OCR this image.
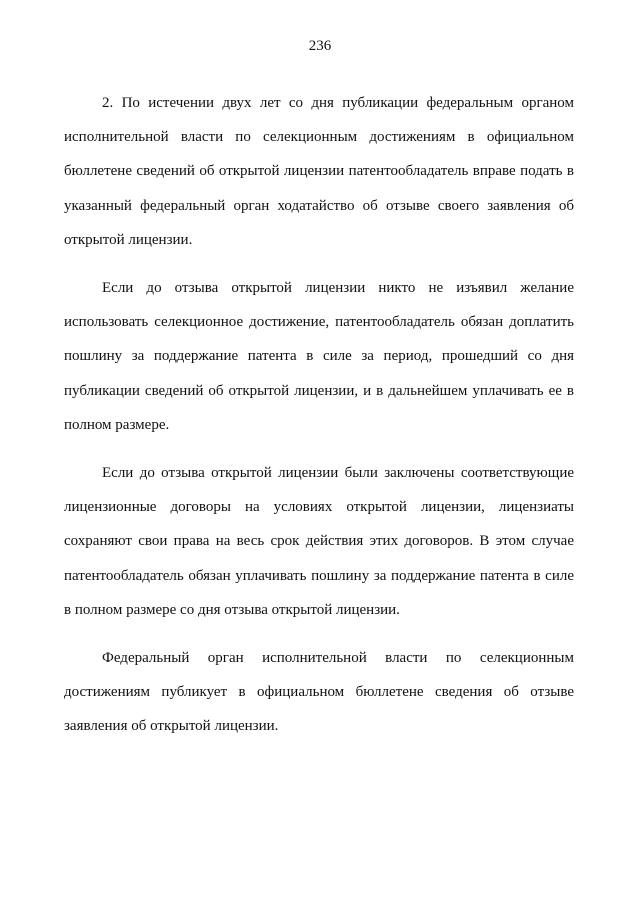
236

2. По истечении двух лет со дня публикации федеральным органом исполнительной власти по селекционным достижениям в официальном бюллетене сведений об открытой лицензии патентообладатель вправе подать в указанный федеральный орган ходатайство об отзыве своего заявления об открытой лицензии.

Если до отзыва открытой лицензии никто не изъявил желание использовать селекционное достижение, патентообладатель обязан доплатить пошлину за поддержание патента в силе за период, прошедший со дня публикации сведений об открытой лицензии, и в дальнейшем уплачивать ее в полном размере.

Если до отзыва открытой лицензии были заключены соответствующие лицензионные договоры на условиях открытой лицензии, лицензиаты сохраняют свои права на весь срок действия этих договоров. В этом случае патентообладатель обязан уплачивать пошлину за поддержание патента в силе в полном размере со дня отзыва открытой лицензии.

Федеральный орган исполнительной власти по селекционным достижениям публикует в официальном бюллетене сведения об отзыве заявления об открытой лицензии.
